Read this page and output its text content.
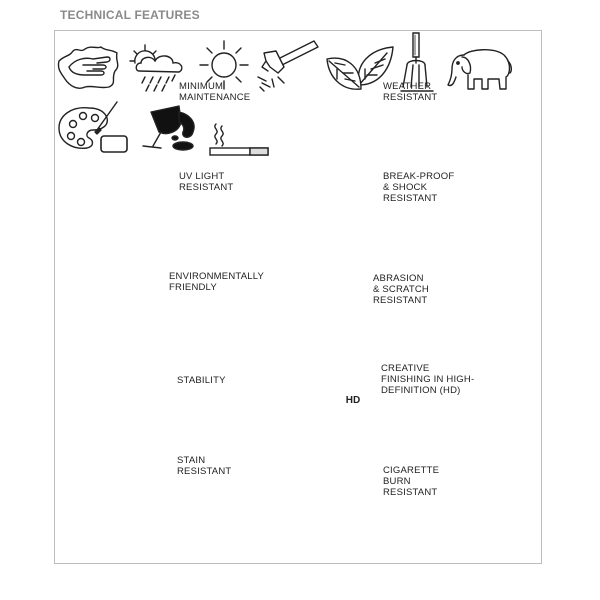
TECHNICAL FEATURES

MINIMUM
MAINTENANCE

WEATHER
RESISTANT

UV LIGHT
RESISTANT

BREAK-PROOF
& SHOCK
RESISTANT

ENVIRONMENTALLY
FRIENDLY

ABRASION
& SCRATCH
RESISTANT

STABILITY

HD
CREATIVE
FINISHING IN HIGH-
DEFINITION (HD)

STAIN
RESISTANT	CIGARETTE
BURN
RESISTANT
